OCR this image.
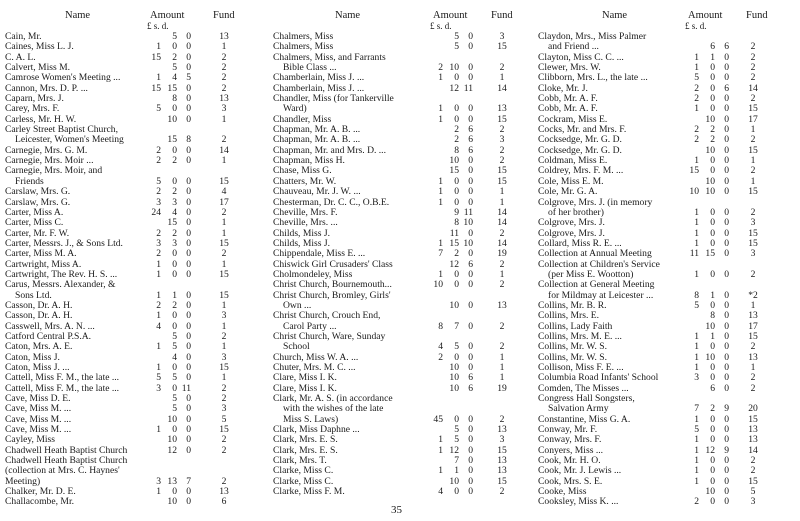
Name	Amount
£ s. d.
Fund
Cain, Mr.	5 0	13
Caines, Miss L. J.	1 0 0	1
C. A. L.	15 2 0	2
Calvert, Miss M.	5 0	2
Camrose Women's Meeting ...	1 4 5	2
Cannon, Mrs. D. P. ...	15 15 0	2
Caparn, Mrs. J.	8 0	13
Carey, Mrs. F.	5 0 0	3
Carless, Mr. H. W.	10 0	1
Carley Street Baptist Church,
Leicester, Women's Meeting	15 8	2
Carnegie, Mrs. G. M.	2 0 0	14
Carnegie, Mrs. Moir ...	2 2 0	1
Carnegie, Mrs. Moir, and
Friends	5 0 0	15
Carslaw, Mrs. G.	2 2 0	4
Carslaw, Mrs. G.	3 3 0	17
Carter, Miss A.	24 4 0	2
Carter, Miss C.	15 0	1
Carter, Mr. F. W.	2 2 0	1
Carter, Messrs. J., & Sons Ltd.	3 3 0	15
Carter, Miss M. A.	2 0 0	2
Cartwright, Miss A.	1 0 0	1
Cartwright, The Rev. H. S. ...	1 0 0	15
Carus, Messrs. Alexander, &
Sons Ltd.	1 1 0	15
Casson, Dr. A. H.	2 2 0	1
Casson, Dr. A. H.	1 0 0	3
Casswell, Mrs. A. N. ...	4 0 0	1
Catford Central P.S.A.	5 0	2
Caton, Mrs. A. E.	1 5 0	1
Caton, Miss J.	4 0	3
Caton, Miss J. ...	1 0 0	15
Cattell, Miss F. M., the late ...	5 5 0	1
Cattell, Miss F. M., the late ...	3 0 11	2
Cave, Miss D. E.	5 0	2
Cave, Miss M. ...	5 0	3
Cave, Miss M. ...	10 0	5
Cave, Miss M. ...	1 0 0	15
Cayley, Miss	10 0	2
Chadwell Heath Baptist Church	12 0	2
Chadwell Heath Baptist Church
(collection at Mrs. C. Haynes'
Meeting)	3 13 7	2
Chalker, Mr. D. E.	1 0 0	13
Challacombe, Mr.	10 0	6
Name	Amount
£ s. d.
Fund
Chalmers, Miss	5 0	3
Chalmers, Miss	5 0	15
Chalmers, Miss, and Farrants
Bible Class ...	2 10 0	2
Chamberlain, Miss J. ...	1 0 0	1
Chamberlain, Miss J. ...	12 11	14
Chandler, Miss (for Tankerville
Ward)	1 0 0	13
Chandler, Miss	1 0 0	15
Chapman, Mr. A. B. ...	2 6	2
Chapman, Mr. A. B. ...	2 6	3
Chapman, Mr. and Mrs. D. ...	8 6	2
Chapman, Miss H.	10 0	2
Chase, Miss G.	15 0	15
Chatters, Mr. W.	1 0 0	15
Chauveau, Mr. J. W. ...	1 0 0	1
Chesterman, Dr. C. C., O.B.E.	1 0 0	1
Cheville, Mrs. F.	9 11	14
Cheville, Mrs. ...	8 10	14
Childs, Miss J.	11 0	2
Childs, Miss J.	1 15 10	14
Chippendale, Miss E. ...	7 2 0	19
Chiswick Girl Crusaders' Class	12 6	2
Cholmondeley, Miss	1 0 0	1
Christ Church, Bournemouth...	10 0 0	2
Christ Church, Bromley, Girls'
Own ...	10 0	13
Christ Church, Crouch End,
Carol Party ...	8 7 0	2
Christ Church, Ware, Sunday
School	4 5 0	2
Church, Miss W. A. ...	2 0 0	1
Chuter, Mrs. M. C. ...	10 0	1
Clare, Miss I. K.	10 6	1
Clare, Miss I. K.	10 6	19
Clark, Mr. A. S. (in accordance
with the wishes of the late
Miss S. Laws)	45 0 0	2
Clark, Miss Daphne ...	5 0	13
Clark, Mrs. E. S.	1 5 0	3
Clark, Mrs. E. S.	1 12 0	15
Clark, Mrs. T.	7 0	13
Clarke, Miss C.	1 1 0	13
Clarke, Miss C.	10 0	15
Clarke, Miss F. M.	4 0 0	2
Name	Amount
£ s. d.
Fund
Claydon, Mrs., Miss Palmer
and Friend ...	6 6	2
Clayton, Miss C. C. ...	1 1 0	2
Clewer, Mrs. W.	1 0 0	2
Clibborn, Mrs. L., the late ...	5 0 0	2
Cloke, Mr. J.	2 0 6	14
Cobb, Mr. A. F.	2 0 0	2
Cobb, Mr. A. F.	1 0 0	15
Cockram, Miss E.	10 0	17
Cocks, Mr. and Mrs. F.	2 2 0	1
Cocksedge, Mr. G. D.	2 2 0	2
Cocksedge, Mr. G. D.	10 0	15
Coldman, Miss E.	1 0 0	1
Coldrey, Mrs. F. M. ...	15 0 0	2
Cole, Miss E. M.	10 0	1
Cole, Mr. G. A.	10 10 0	15
Colgrove, Mrs. J. (in memory
of her brother)	1 0 0	2
Colgrove, Mrs. J.	1 0 0	3
Colgrove, Mrs. J.	1 0 0	15
Collard, Miss R. E. ...	1 0 0	15
Collection at Annual Meeting	11 15 0	3
Collection at Children's Service
(per Miss E. Wootton)	1 0 0	2
Collection at General Meeting
for Mildmay at Leicester ...	8 1 0	*2
Collins, Mr. B. R.	5 0 0	1
Collins, Mrs. E.	8 0	13
Collins, Lady Faith	10 0	17
Collins, Mrs. M. E. ...	1 1 0	15
Collins, Mr. W. S.	1 0 0	2
Collins, Mr. W. S.	1 10 0	13
Collison, Miss F. E. ...	1 0 0	1
Columbia Road Infants' School	3 0 0	2
Comden, The Misses ...	6 0	2
Congress Hall Songsters,
Salvation Army	7 2 9	20
Constantine, Miss G. A.	1 0 0	15
Conway, Mr. F.	5 0 0	13
Conway, Mrs. F.	1 0 0	13
Conyers, Miss ...	1 12 9	14
Cook, Mr. H. O.	1 0 0	2
Cook, Mr. J. Lewis ...	1 0 0	2
Cook, Mrs. S. E.	1 0 0	15
Cooke, Miss	10 0	5
Cooksley, Miss K. ...	2 0 0	3
35
